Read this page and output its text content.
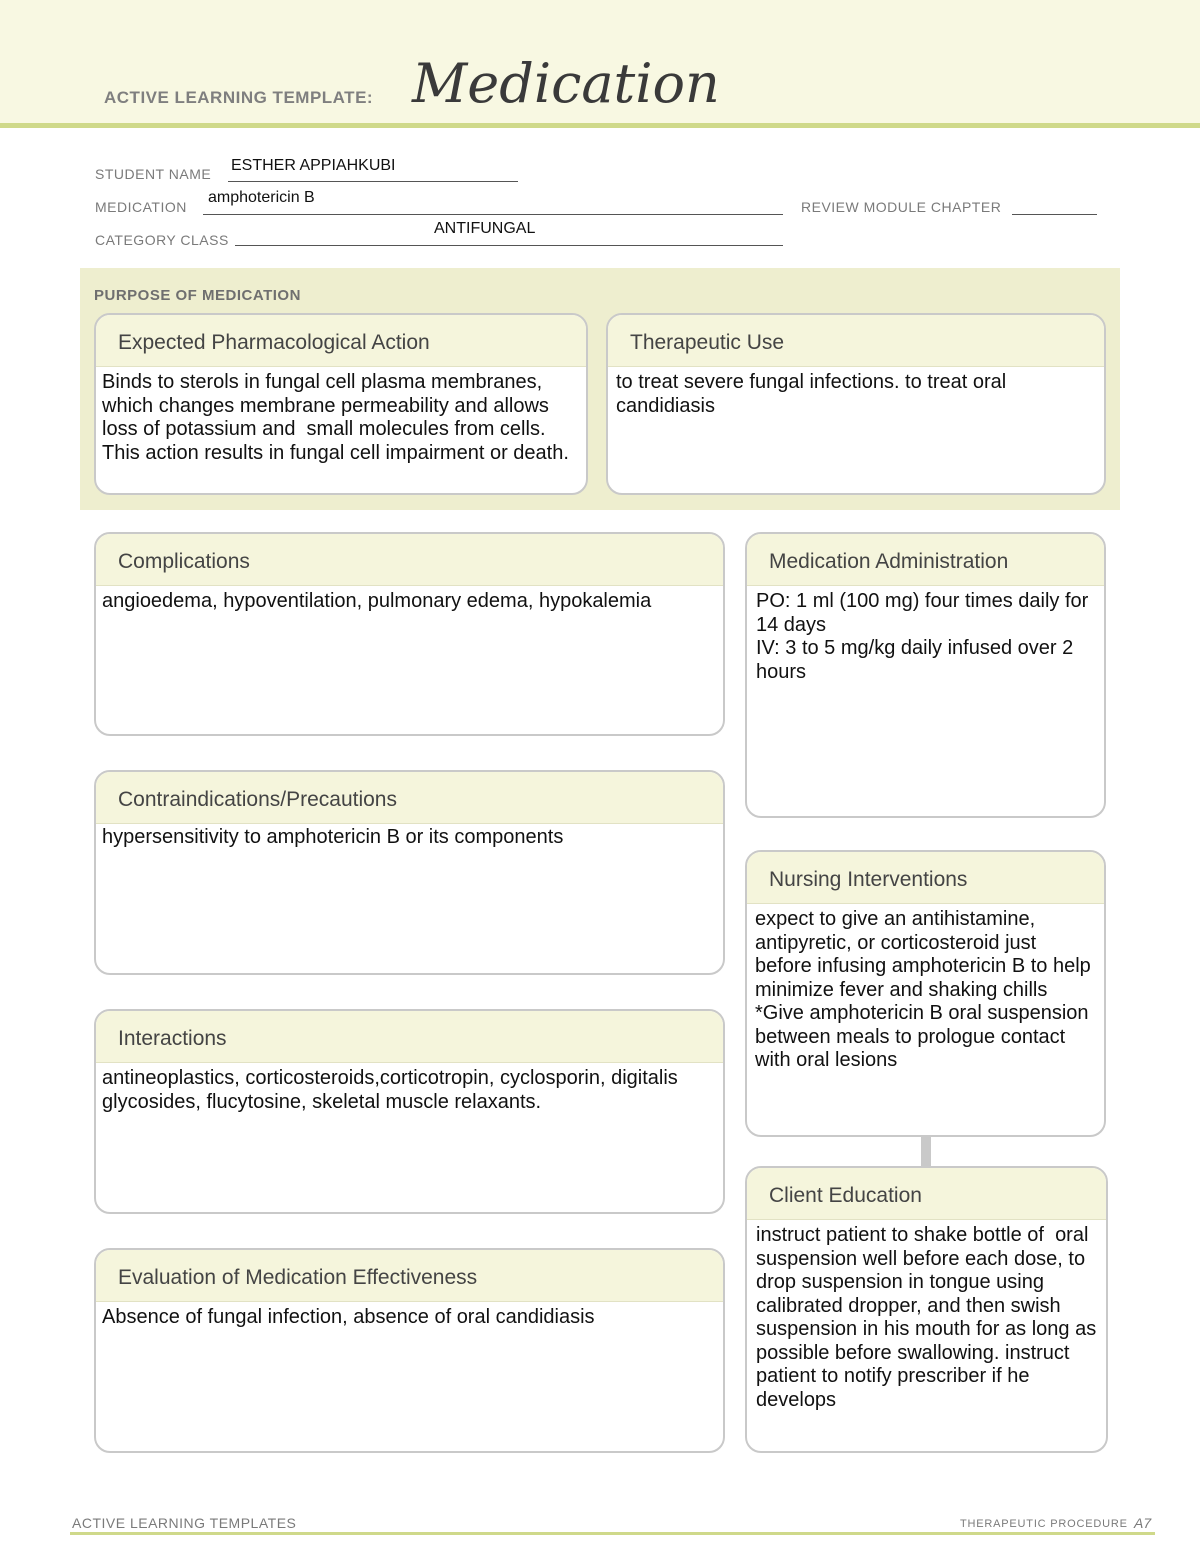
ACTIVE LEARNING TEMPLATE: Medication
STUDENT NAME ESTHER APPIAHKUBI
MEDICATION
amphotericin B
REVIEW MODULE CHAPTER
CATEGORY CLASS
ANTIFUNGAL
PURPOSE OF MEDICATION
Expected Pharmacological Action
Binds to sterols in fungal cell plasma membranes, which changes membrane permeability and allows loss of potassium and  small molecules from cells. This action results in fungal cell impairment or death.
Therapeutic Use
to treat severe fungal infections. to treat oral candidiasis
Complications
angioedema, hypoventilation, pulmonary edema, hypokalemia
Contraindications/Precautions
hypersensitivity to amphotericin B or its components
Interactions
antineoplastics, corticosteroids,corticotropin, cyclosporin, digitalis glycosides, flucytosine, skeletal muscle relaxants.
Evaluation of Medication Effectiveness
Absence of fungal infection, absence of oral candidiasis
Medication Administration
PO: 1 ml (100 mg) four times daily for 14 days
IV: 3 to 5 mg/kg daily infused over 2 hours
Nursing Interventions
expect to give an antihistamine, antipyretic, or corticosteroid just before infusing amphotericin B to help minimize fever and shaking chills
*Give amphotericin B oral suspension between meals to prologue contact with oral lesions
Client Education
instruct patient to shake bottle of  oral suspension well before each dose, to drop suspension in tongue using calibrated dropper, and then swish suspension in his mouth for as long as possible before swallowing. instruct patient to notify prescriber if he develops
ACTIVE LEARNING TEMPLATES	THERAPEUTIC PROCEDURE A7
